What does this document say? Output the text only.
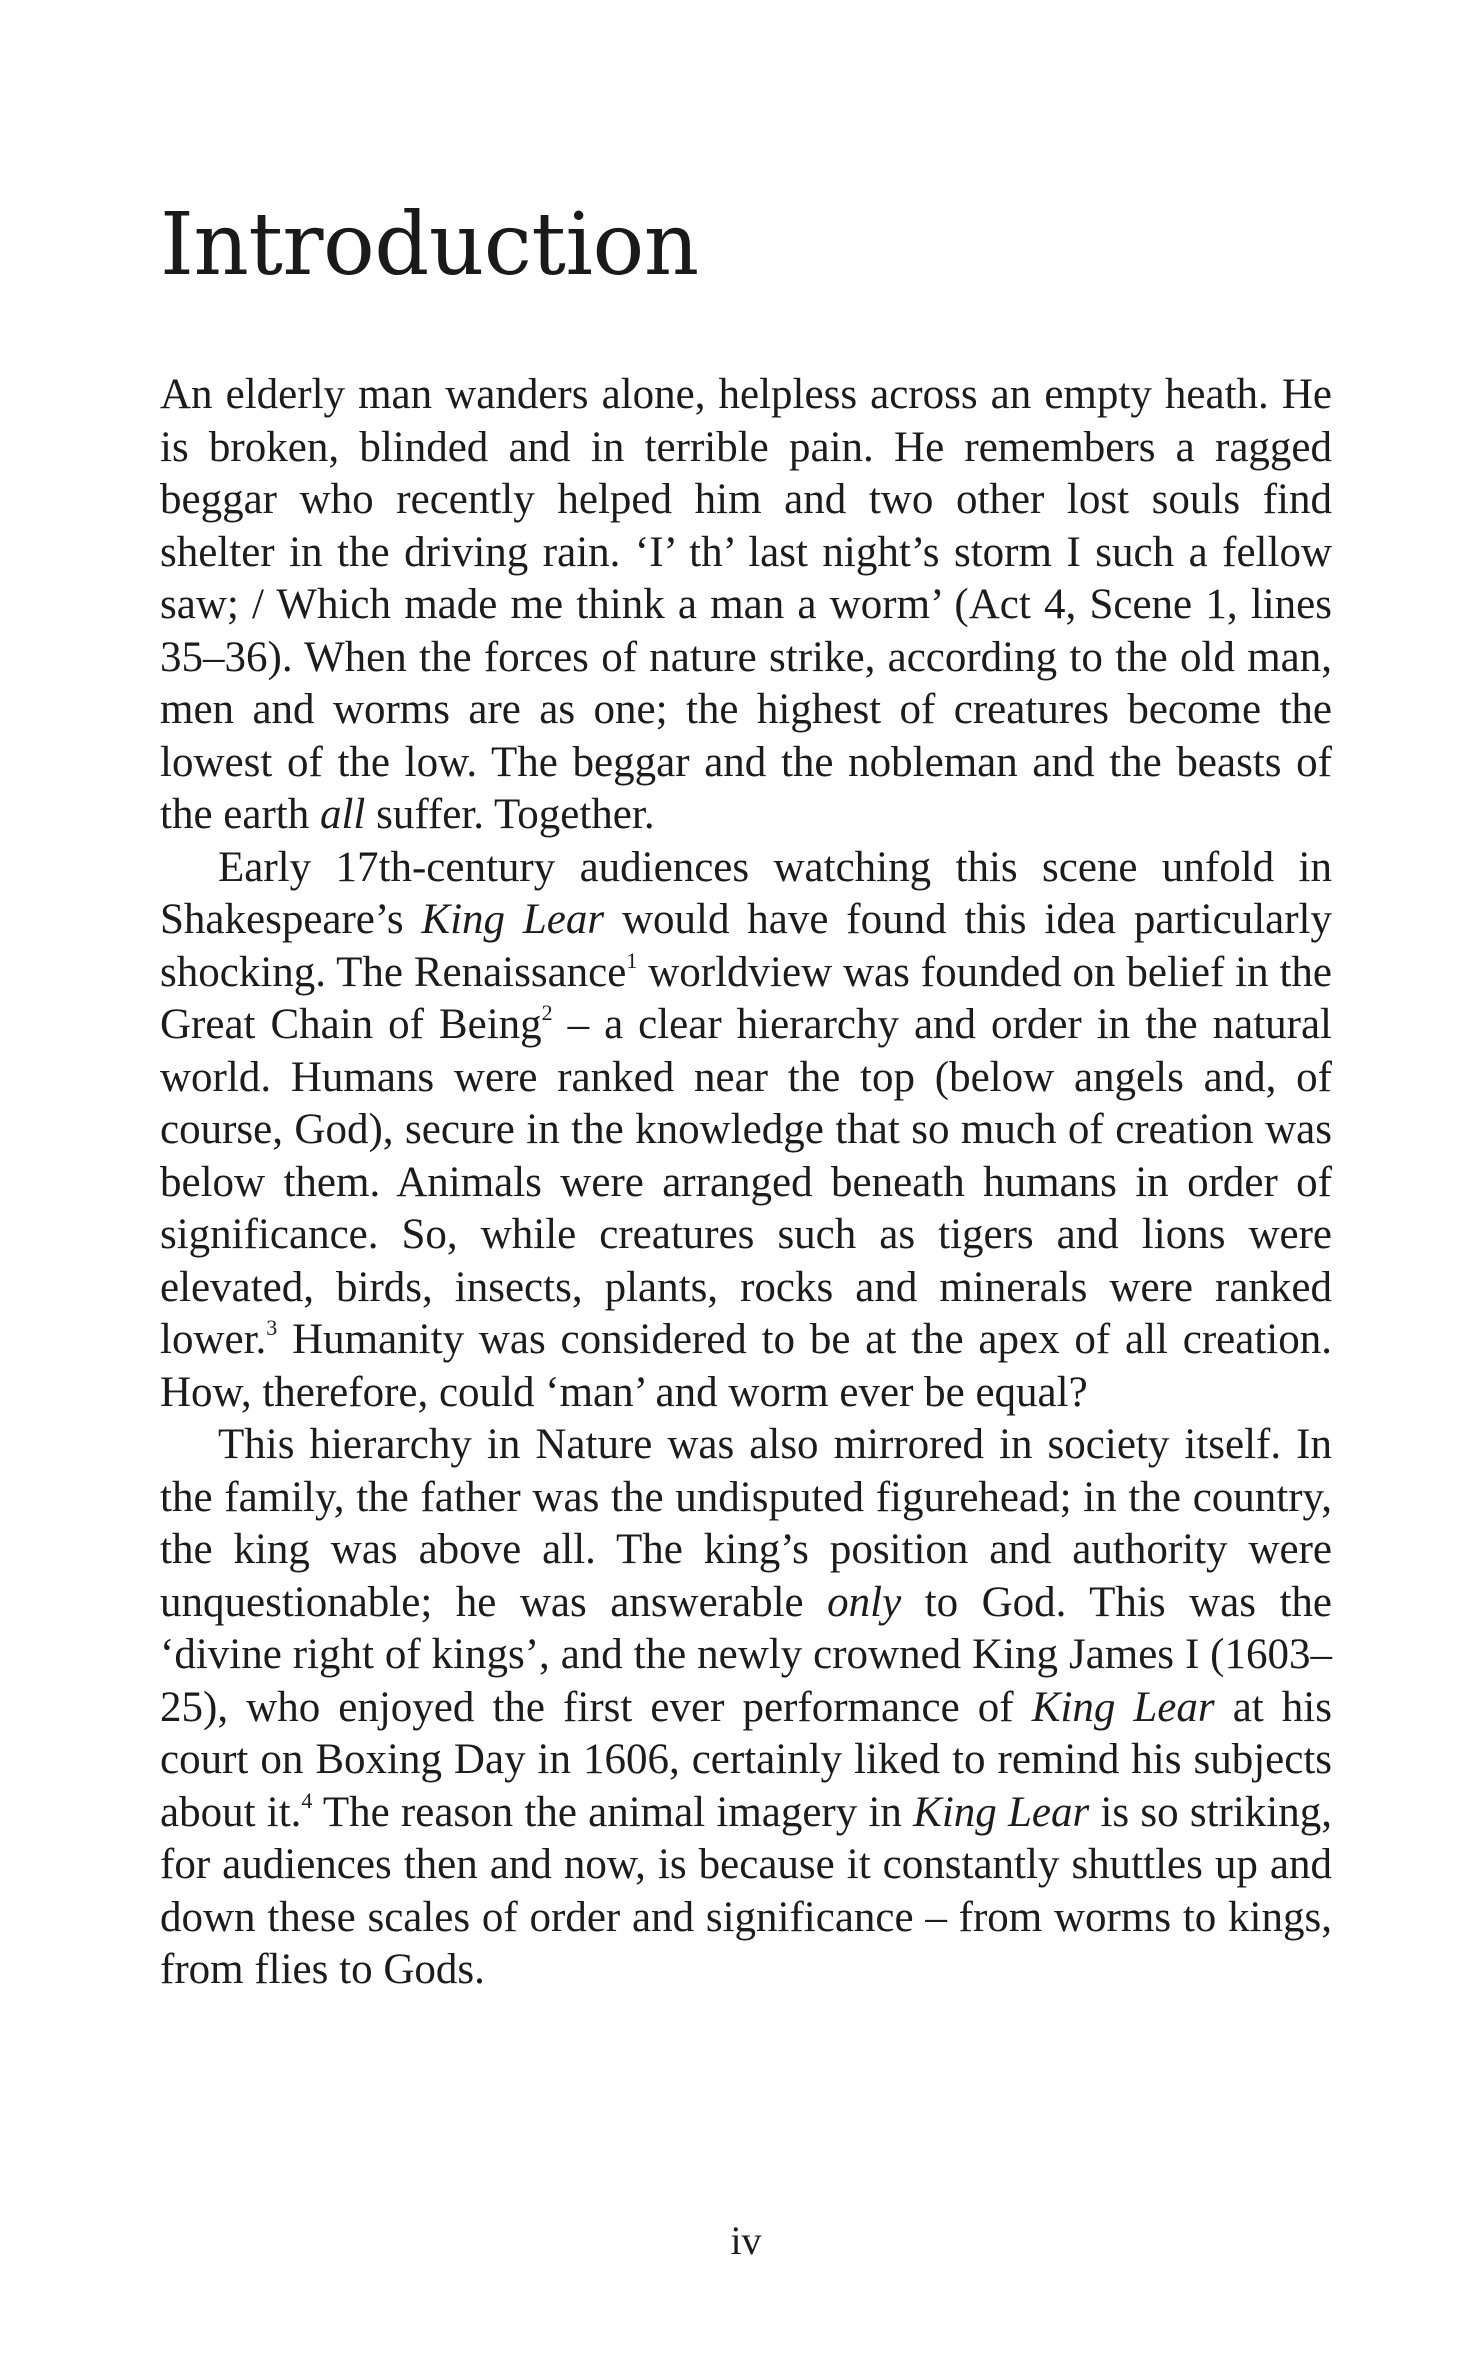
Introduction

An elderly man wanders alone, helpless across an empty heath. He is broken, blinded and in terrible pain. He remembers a ragged beggar who recently helped him and two other lost souls find shelter in the driving rain. ‘I’ th’ last night’s storm I such a fellow saw; / Which made me think a man a worm’ (Act 4, Scene 1, lines 35–36). When the forces of nature strike, according to the old man, men and worms are as one; the highest of creatures become the lowest of the low. The beggar and the nobleman and the beasts of the earth all suffer. Together.

Early 17th-century audiences watching this scene unfold in Shakespeare’s King Lear would have found this idea particularly shocking. The Renaissance$^1$ worldview was founded on belief in the Great Chain of Being$^2$ – a clear hierarchy and order in the natural world. Humans were ranked near the top (below angels and, of course, God), secure in the knowledge that so much of creation was below them. Animals were arranged beneath humans in order of significance. So, while creatures such as tigers and lions were elevated, birds, insects, plants, rocks and minerals were ranked lower.$^3$ Humanity was considered to be at the apex of all creation. How, therefore, could ‘man’ and worm ever be equal?

This hierarchy in Nature was also mirrored in society itself. In the family, the father was the undisputed figurehead; in the country, the king was above all. The king’s position and authority were unquestionable; he was answerable only to God. This was the ‘divine right of kings’, and the newly crowned King James I (1603–25), who enjoyed the first ever performance of King Lear at his court on Boxing Day in 1606, certainly liked to remind his subjects about it.$^4$ The reason the animal imagery in King Lear is so striking, for audiences then and now, is because it constantly shuttles up and down these scales of order and significance – from worms to kings, from flies to Gods.

iv
